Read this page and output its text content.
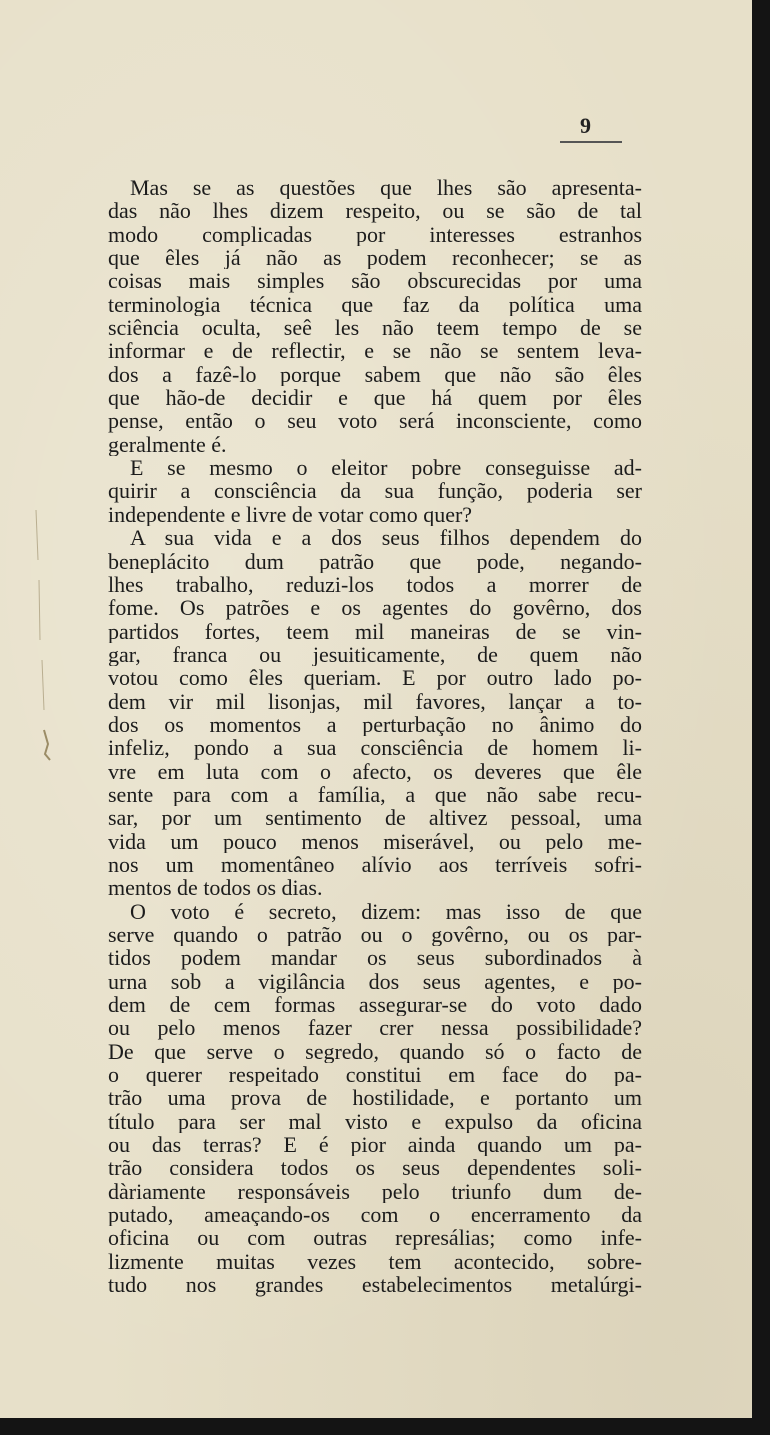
9
Mas se as questões que lhes são apresenta-
das não lhes dizem respeito, ou se são de tal
modo complicadas por interesses estranhos
que êles já não as podem reconhecer; se as
coisas mais simples são obscurecidas por uma
terminologia técnica que faz da política uma
sciência oculta, seê les não teem tempo de se
informar e de reflectir, e se não se sentem leva-
dos a fazê-lo porque sabem que não são êles
que hão-de decidir e que há quem por êles
pense, então o seu voto será inconsciente, como
geralmente é.
E se mesmo o eleitor pobre conseguisse ad-
quirir a consciência da sua função, poderia ser
independente e livre de votar como quer?
A sua vida e a dos seus filhos dependem do
beneplácito dum patrão que pode, negando-
lhes trabalho, reduzi-los todos a morrer de
fome. Os patrões e os agentes do govêrno, dos
partidos fortes, teem mil maneiras de se vin-
gar, franca ou jesuiticamente, de quem não
votou como êles queriam. E por outro lado po-
dem vir mil lisonjas, mil favores, lançar a to-
dos os momentos a perturbação no ânimo do
infeliz, pondo a sua consciência de homem li-
vre em luta com o afecto, os deveres que êle
sente para com a família, a que não sabe recu-
sar, por um sentimento de altivez pessoal, uma
vida um pouco menos miserável, ou pelo me-
nos um momentâneo alívio aos terríveis sofri-
mentos de todos os dias.
O voto é secreto, dizem: mas isso de que
serve quando o patrão ou o govêrno, ou os par-
tidos podem mandar os seus subordinados à
urna sob a vigilância dos seus agentes, e po-
dem de cem formas assegurar-se do voto dado
ou pelo menos fazer crer nessa possibilidade?
De que serve o segredo, quando só o facto de
o querer respeitado constitui em face do pa-
trão uma prova de hostilidade, e portanto um
título para ser mal visto e expulso da oficina
ou das terras? E é pior ainda quando um pa-
trão considera todos os seus dependentes soli-
dàriamente responsáveis pelo triunfo dum de-
putado, ameaçando-os com o encerramento da
oficina ou com outras represálias; como infe-
lizmente muitas vezes tem acontecido, sobre-
tudo nos grandes estabelecimentos metalúrgi-
